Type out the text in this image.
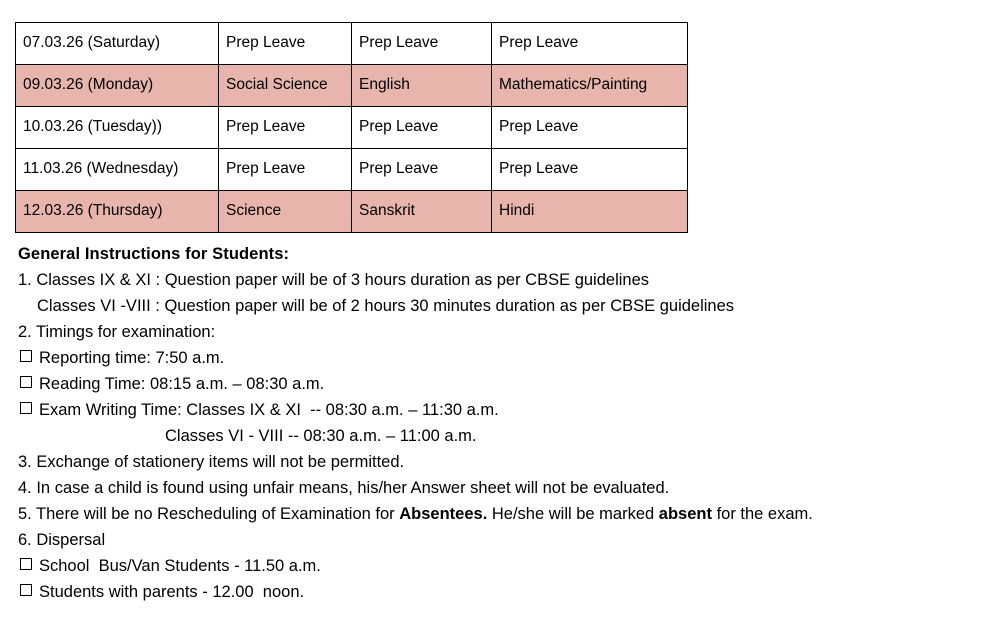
07.03.26 (Saturday)	Prep Leave	Prep Leave	Prep Leave
09.03.26 (Monday)	Social Science	English	Mathematics/Painting
10.03.26 (Tuesday))	Prep Leave	Prep Leave	Prep Leave
11.03.26 (Wednesday)	Prep Leave	Prep Leave	Prep Leave
12.03.26 (Thursday)	Science	Sanskrit	Hindi
General Instructions for Students:
1. Classes IX & XI : Question paper will be of 3 hours duration as per CBSE guidelines
Classes VI -VIII : Question paper will be of 2 hours 30 minutes duration as per CBSE guidelines
2. Timings for examination:
Reporting time: 7:50 a.m.
Reading Time: 08:15 a.m. – 08:30 a.m.
Exam Writing Time: Classes IX & XI  -- 08:30 a.m. – 11:30 a.m.
Classes VI - VIII -- 08:30 a.m. – 11:00 a.m.
3. Exchange of stationery items will not be permitted.
4. In case a child is found using unfair means, his/her Answer sheet will not be evaluated.
5. There will be no Rescheduling of Examination for Absentees. He/she will be marked absent for the exam.
6. Dispersal
School  Bus/Van Students - 11.50 a.m.
Students with parents - 12.00  noon.
